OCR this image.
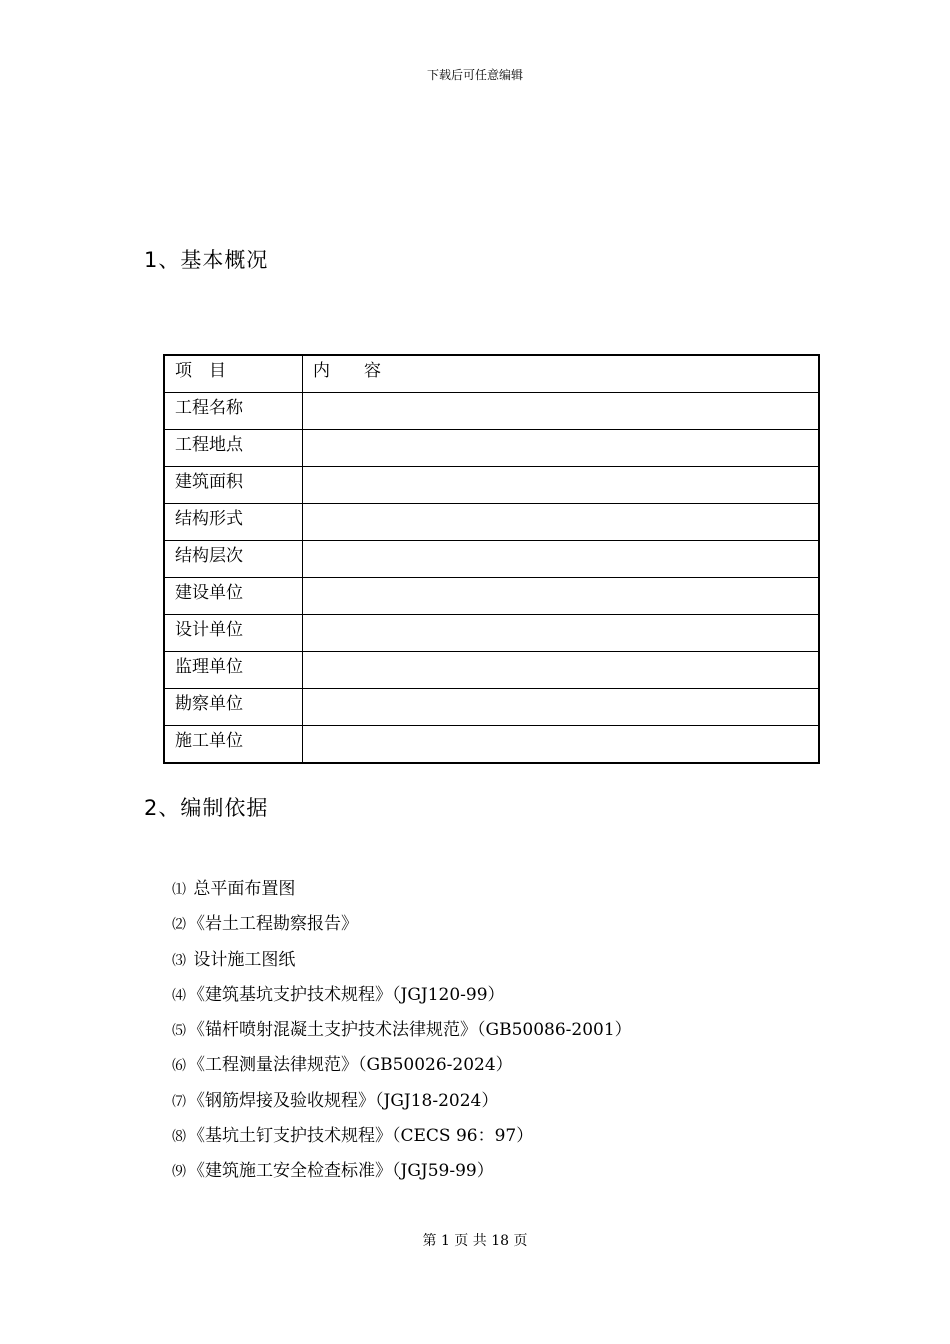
下载后可任意编辑
1、基本概况
项　目	内　　容
工程名称	
工程地点	
建筑面积	
结构形式	
结构层次	
建设单位	
设计单位	
监理单位	
勘察单位	
施工单位	
2、编制依据
⑴ 总平面布置图
⑵ 《岩土工程勘察报告》
⑶ 设计施工图纸
⑷ 《建筑基坑支护技术规程》（JGJ120-99）
⑸ 《锚杆喷射混凝土支护技术法律规范》（GB50086-2001）
⑹ 《工程测量法律规范》（GB50026-2024）
⑺ 《钢筋焊接及验收规程》（JGJ18-2024）
⑻ 《基坑土钉支护技术规程》（CECS 96：97）
⑼ 《建筑施工安全检查标准》（JGJ59-99）
第 1 页 共 18 页
